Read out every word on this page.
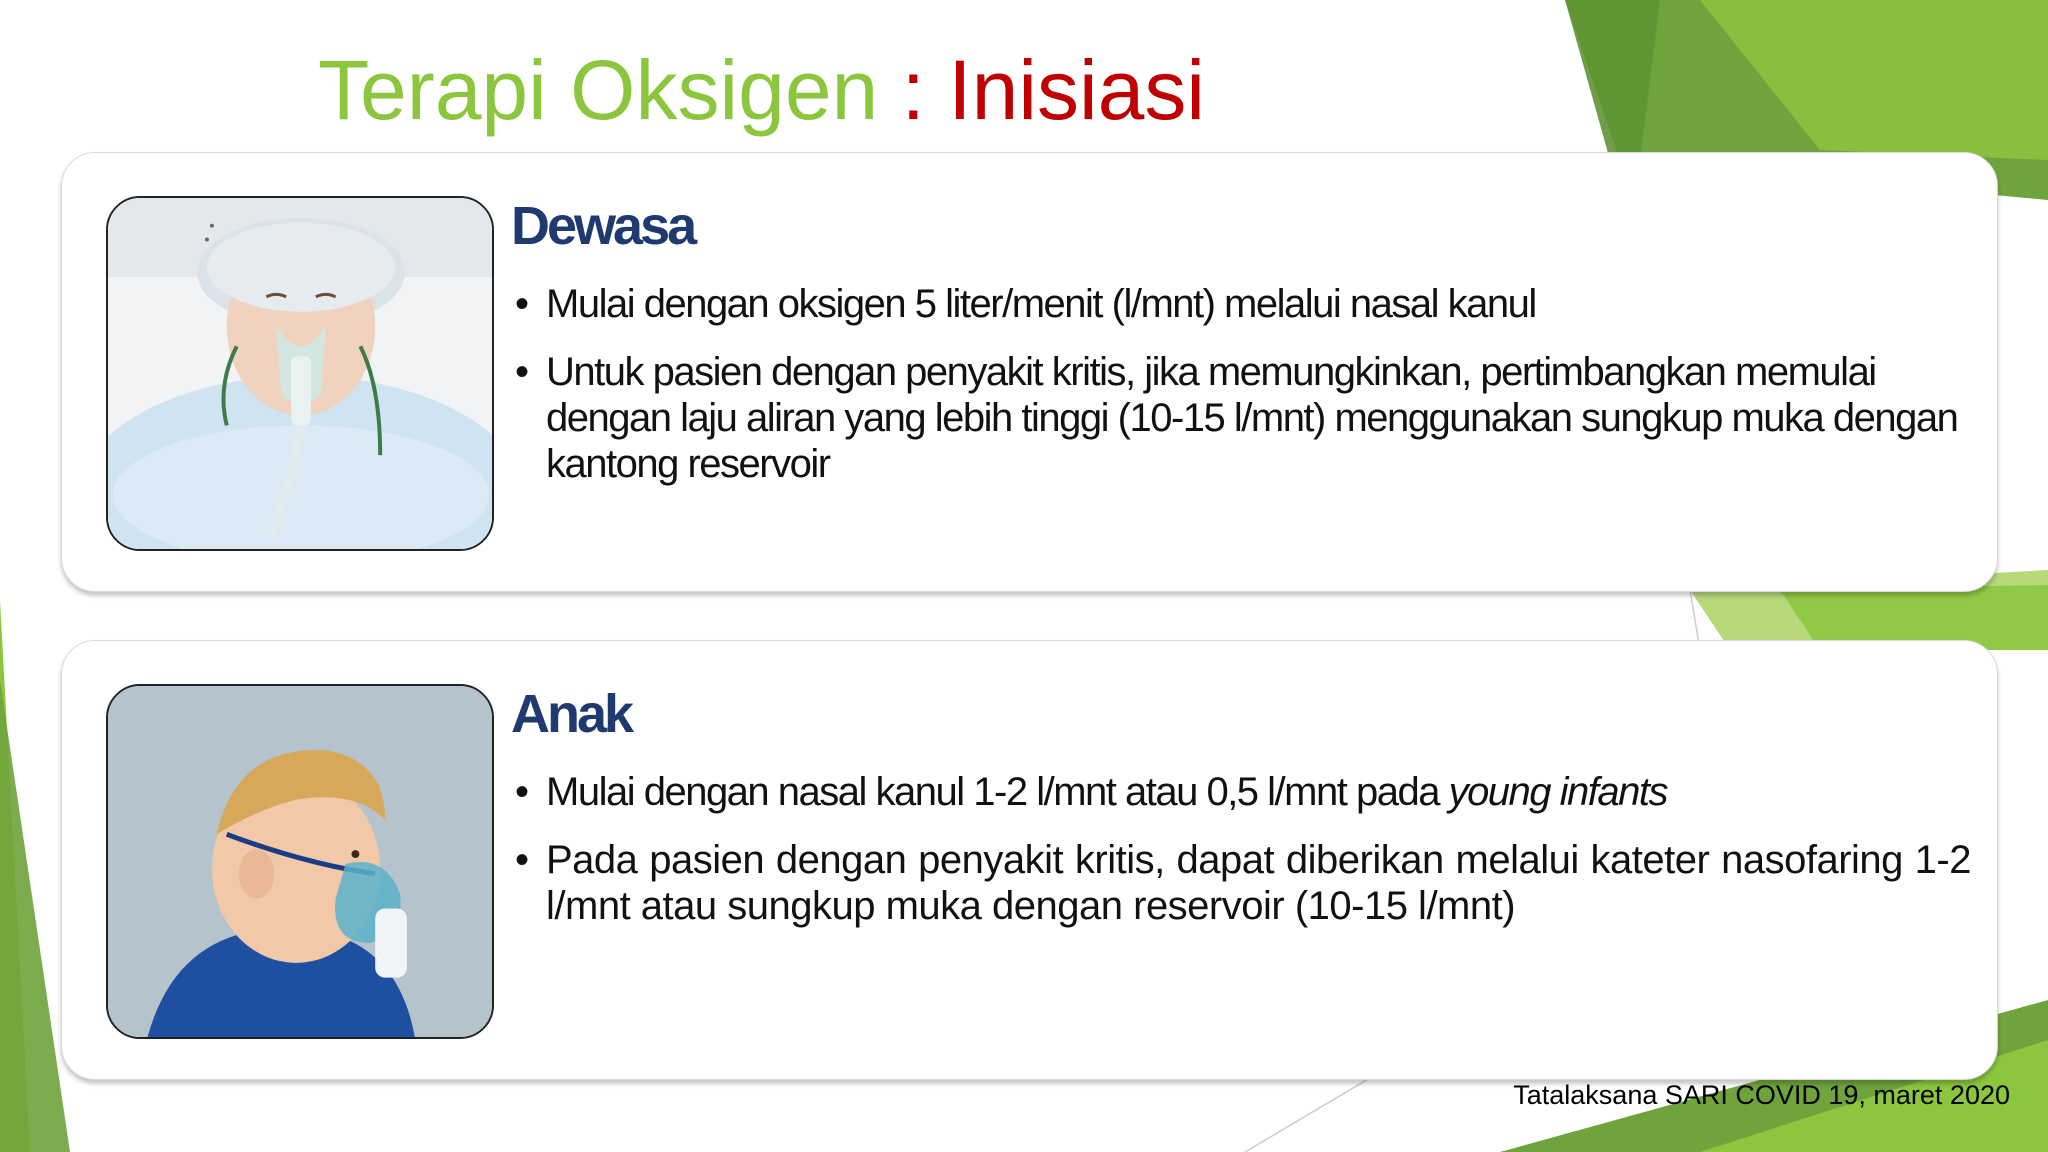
Terapi Oksigen : Inisiasi
Dewasa
• Mulai dengan oksigen 5 liter/menit (l/mnt) melalui nasal kanul
• Untuk pasien dengan penyakit kritis, jika memungkinkan, pertimbangkan memulai dengan laju aliran yang lebih tinggi (10-15 l/mnt) menggunakan sungkup muka dengan kantong reservoir
Anak
• Mulai dengan nasal kanul 1-2 l/mnt atau 0,5 l/mnt pada young infants
• Pada pasien dengan penyakit kritis, dapat diberikan melalui kateter nasofaring 1-2 l/mnt atau sungkup muka dengan reservoir (10-15 l/mnt)

Tatalaksana SARI COVID 19, maret 2020
